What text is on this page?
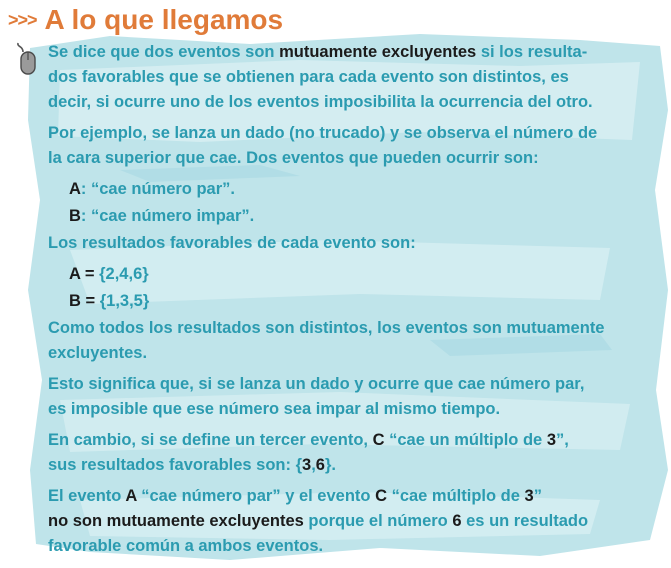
>>> A lo que llegamos

Se dice que dos eventos son mutuamente excluyentes si los resulta-
dos favorables que se obtienen para cada evento son distintos, es
decir, si ocurre uno de los eventos imposibilita la ocurrencia del otro.

Por ejemplo, se lanza un dado (no trucado) y se observa el número de
la cara superior que cae. Dos eventos que pueden ocurrir son:

A: “cae número par”.

B: “cae número impar”.

Los resultados favorables de cada evento son:

A = {2,4,6}

B = {1,3,5}

Como todos los resultados son distintos, los eventos son mutuamente
excluyentes.

Esto significa que, si se lanza un dado y ocurre que cae número par,
es imposible que ese número sea impar al mismo tiempo.

En cambio, si se define un tercer evento, C “cae un múltiplo de 3”,
sus resultados favorables son: {3,6}.

El evento A “cae número par” y el evento C “cae múltiplo de 3”
no son mutuamente excluyentes porque el número 6 es un resultado
favorable común a ambos eventos.
